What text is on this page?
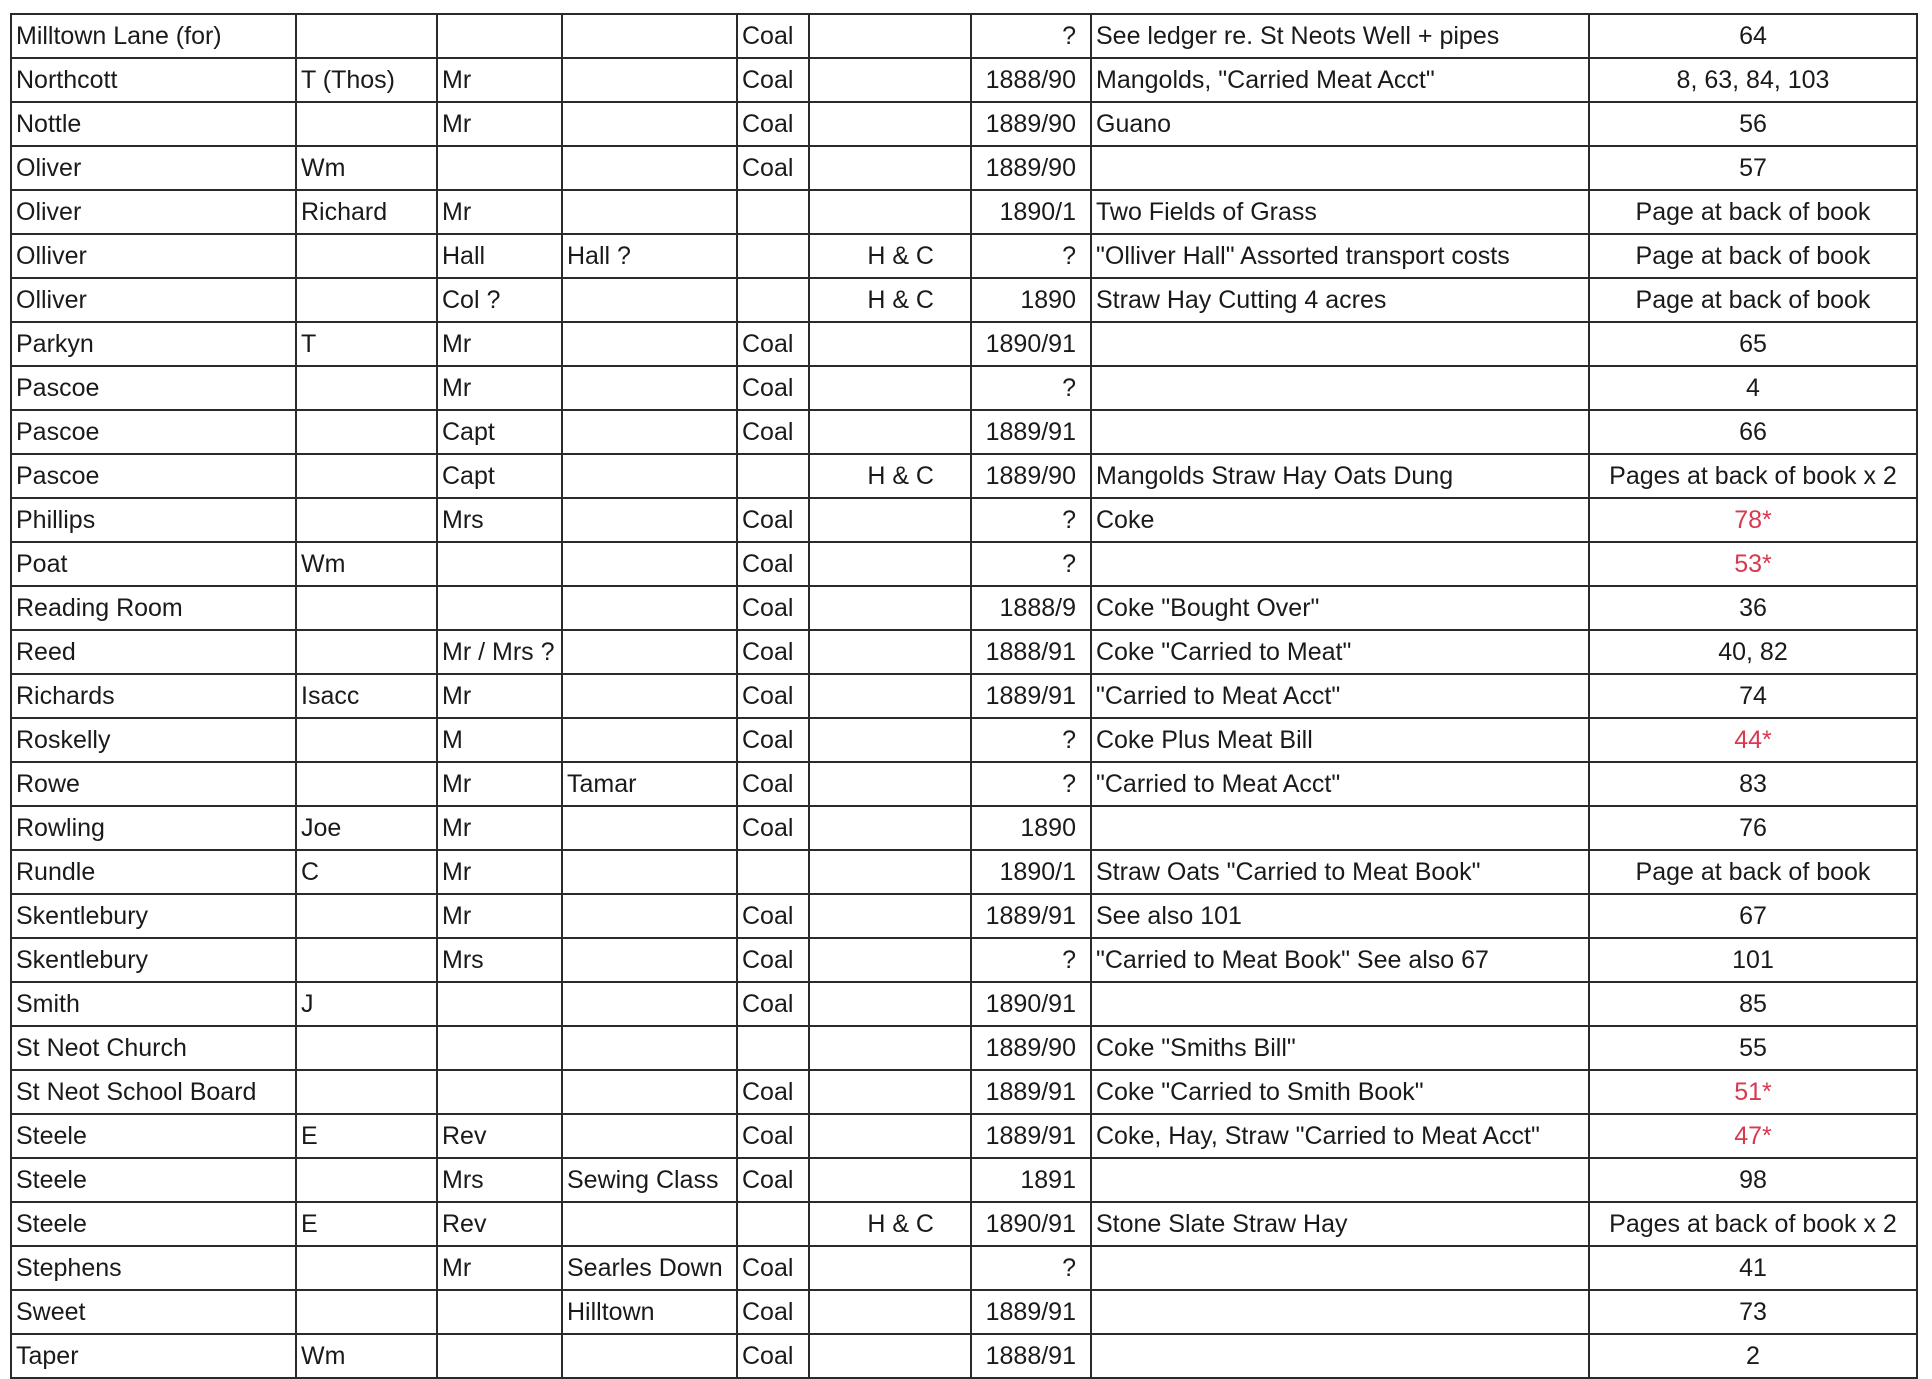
Milltown Lane (for)				Coal		?	See ledger re. St Neots Well + pipes	64
Northcott	T (Thos)	Mr		Coal		1888/90	Mangolds, "Carried Meat Acct"	8, 63, 84, 103
Nottle		Mr		Coal		1889/90	Guano	56
Oliver	Wm			Coal		1889/90		57
Oliver	Richard	Mr				1890/1	Two Fields of Grass	Page at back of book
Olliver		Hall	Hall ?		H & C	?	"Olliver Hall" Assorted transport costs	Page at back of book
Olliver		Col ?			H & C	1890	Straw Hay Cutting 4 acres	Page at back of book
Parkyn	T	Mr		Coal		1890/91		65
Pascoe		Mr		Coal		?		4
Pascoe		Capt		Coal		1889/91		66
Pascoe		Capt			H & C	1889/90	Mangolds Straw Hay Oats Dung	Pages at back of book x 2
Phillips		Mrs		Coal		?	Coke	78*
Poat	Wm			Coal		?		53*
Reading Room				Coal		1888/9	Coke "Bought Over"	36
Reed		Mr / Mrs ?		Coal		1888/91	Coke "Carried to Meat"	40, 82
Richards	Isacc	Mr		Coal		1889/91	"Carried to Meat Acct"	74
Roskelly		M		Coal		?	Coke Plus Meat Bill	44*
Rowe		Mr	Tamar	Coal		?	"Carried to Meat Acct"	83
Rowling	Joe	Mr		Coal		1890		76
Rundle	C	Mr				1890/1	Straw Oats "Carried to Meat Book"	Page at back of book
Skentlebury		Mr		Coal		1889/91	See also 101	67
Skentlebury		Mrs		Coal		?	"Carried to Meat Book" See also 67	101
Smith	J			Coal		1890/91		85
St Neot Church						1889/90	Coke "Smiths Bill"	55
St Neot School Board				Coal		1889/91	Coke "Carried to Smith Book"	51*
Steele	E	Rev		Coal		1889/91	Coke, Hay, Straw "Carried to Meat Acct"	47*
Steele		Mrs	Sewing Class	Coal		1891		98
Steele	E	Rev			H & C	1890/91	Stone Slate Straw Hay	Pages at back of book x 2
Stephens		Mr	Searles Down	Coal		?		41
Sweet			Hilltown	Coal		1889/91		73
Taper	Wm			Coal		1888/91		2
